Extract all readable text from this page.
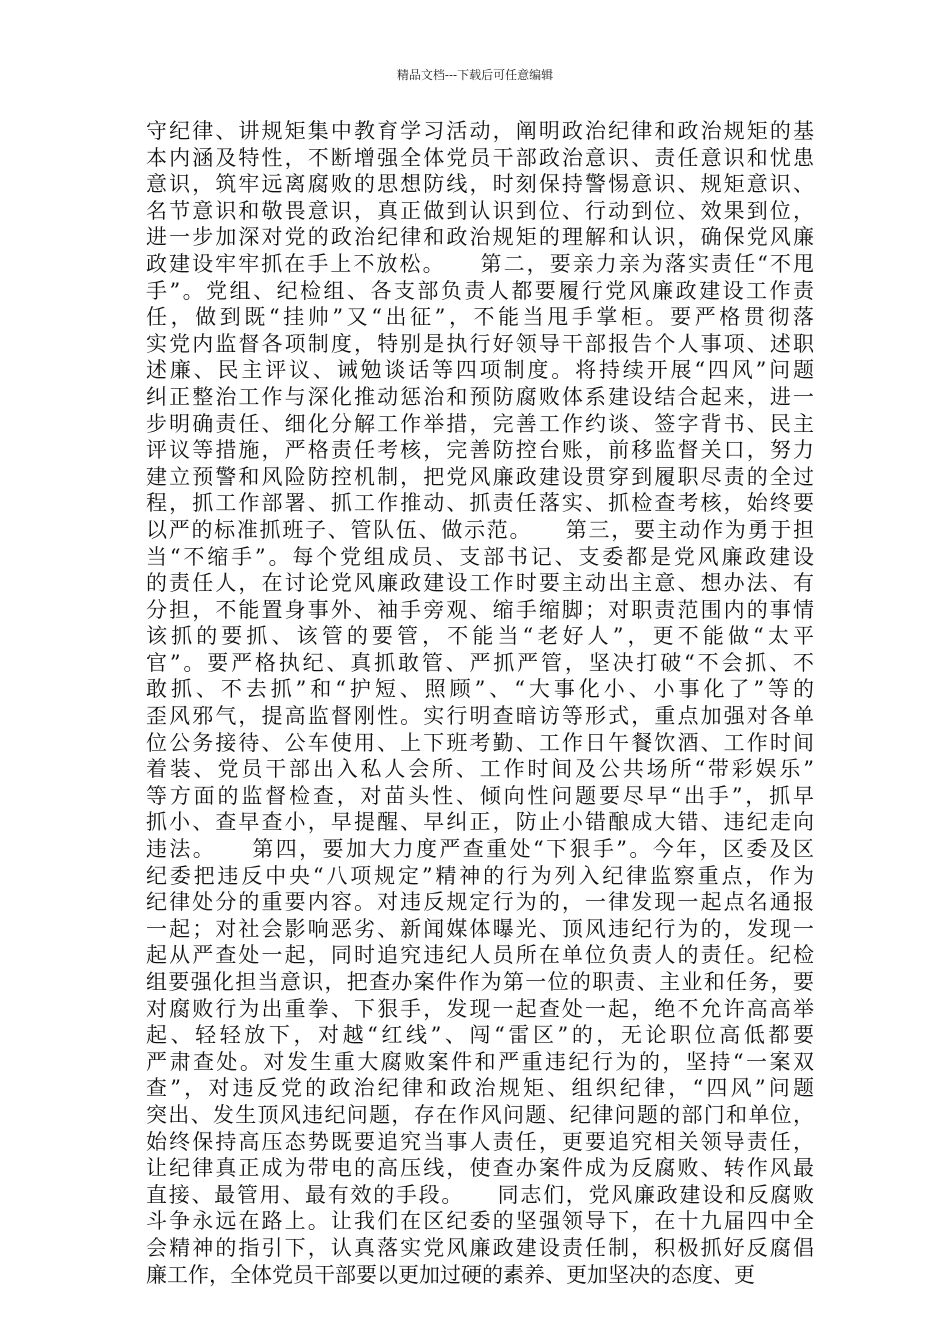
精品文档---下载后可任意编辑
守纪律、讲规矩集中教育学习活动，阐明政治纪律和政治规矩的基
本内涵及特性，不断增强全体党员干部政治意识、责任意识和忧患
意识，筑牢远离腐败的思想防线，时刻保持警惕意识、规矩意识、
名节意识和敬畏意识，真正做到认识到位、行动到位、效果到位，
进一步加深对党的政治纪律和政治规矩的理解和认识，确保党风廉
政建设牢牢抓在手上不放松。    第二，要亲力亲为落实责任“不甩
手”。党组、纪检组、各支部负责人都要履行党风廉政建设工作责
任，做到既“挂帅”又“出征”，不能当甩手掌柜。要严格贯彻落
实党内监督各项制度，特别是执行好领导干部报告个人事项、述职
述廉、民主评议、诫勉谈话等四项制度。将持续开展“四风”问题
纠正整治工作与深化推动惩治和预防腐败体系建设结合起来，进一
步明确责任、细化分解工作举措，完善工作约谈、签字背书、民主
评议等措施，严格责任考核，完善防控台账，前移监督关口，努力
建立预警和风险防控机制，把党风廉政建设贯穿到履职尽责的全过
程，抓工作部署、抓工作推动、抓责任落实、抓检查考核，始终要
以严的标准抓班子、管队伍、做示范。    第三，要主动作为勇于担
当“不缩手”。每个党组成员、支部书记、支委都是党风廉政建设
的责任人，在讨论党风廉政建设工作时要主动出主意、想办法、有
分担，不能置身事外、袖手旁观、缩手缩脚；对职责范围内的事情
该抓的要抓、该管的要管，不能当“老好人”，更不能做“太平
官”。要严格执纪、真抓敢管、严抓严管，坚决打破“不会抓、不
敢抓、不去抓”和“护短、照顾”、“大事化小、小事化了”等的
歪风邪气，提高监督刚性。实行明查暗访等形式，重点加强对各单
位公务接待、公车使用、上下班考勤、工作日午餐饮酒、工作时间
着装、党员干部出入私人会所、工作时间及公共场所“带彩娱乐”
等方面的监督检查，对苗头性、倾向性问题要尽早“出手”，抓早
抓小、查早查小，早提醒、早纠正，防止小错酿成大错、违纪走向
违法。    第四，要加大力度严查重处“下狠手”。今年，区委及区
纪委把违反中央“八项规定”精神的行为列入纪律监察重点，作为
纪律处分的重要内容。对违反规定行为的，一律发现一起点名通报
一起；对社会影响恶劣、新闻媒体曝光、顶风违纪行为的，发现一
起从严查处一起，同时追究违纪人员所在单位负责人的责任。纪检
组要强化担当意识，把查办案件作为第一位的职责、主业和任务，要
对腐败行为出重拳、下狠手，发现一起查处一起，绝不允许高高举
起、轻轻放下，对越“红线”、闯“雷区”的，无论职位高低都要
严肃查处。对发生重大腐败案件和严重违纪行为的，坚持“一案双
查”，对违反党的政治纪律和政治规矩、组织纪律，“四风”问题
突出、发生顶风违纪问题，存在作风问题、纪律问题的部门和单位，
始终保持高压态势既要追究当事人责任，更要追究相关领导责任，
让纪律真正成为带电的高压线，使查办案件成为反腐败、转作风最
直接、最管用、最有效的手段。    同志们，党风廉政建设和反腐败
斗争永远在路上。让我们在区纪委的坚强领导下，在十九届四中全
会精神的指引下，认真落实党风廉政建设责任制，积极抓好反腐倡
廉工作，全体党员干部要以更加过硬的素养、更加坚决的态度、更
